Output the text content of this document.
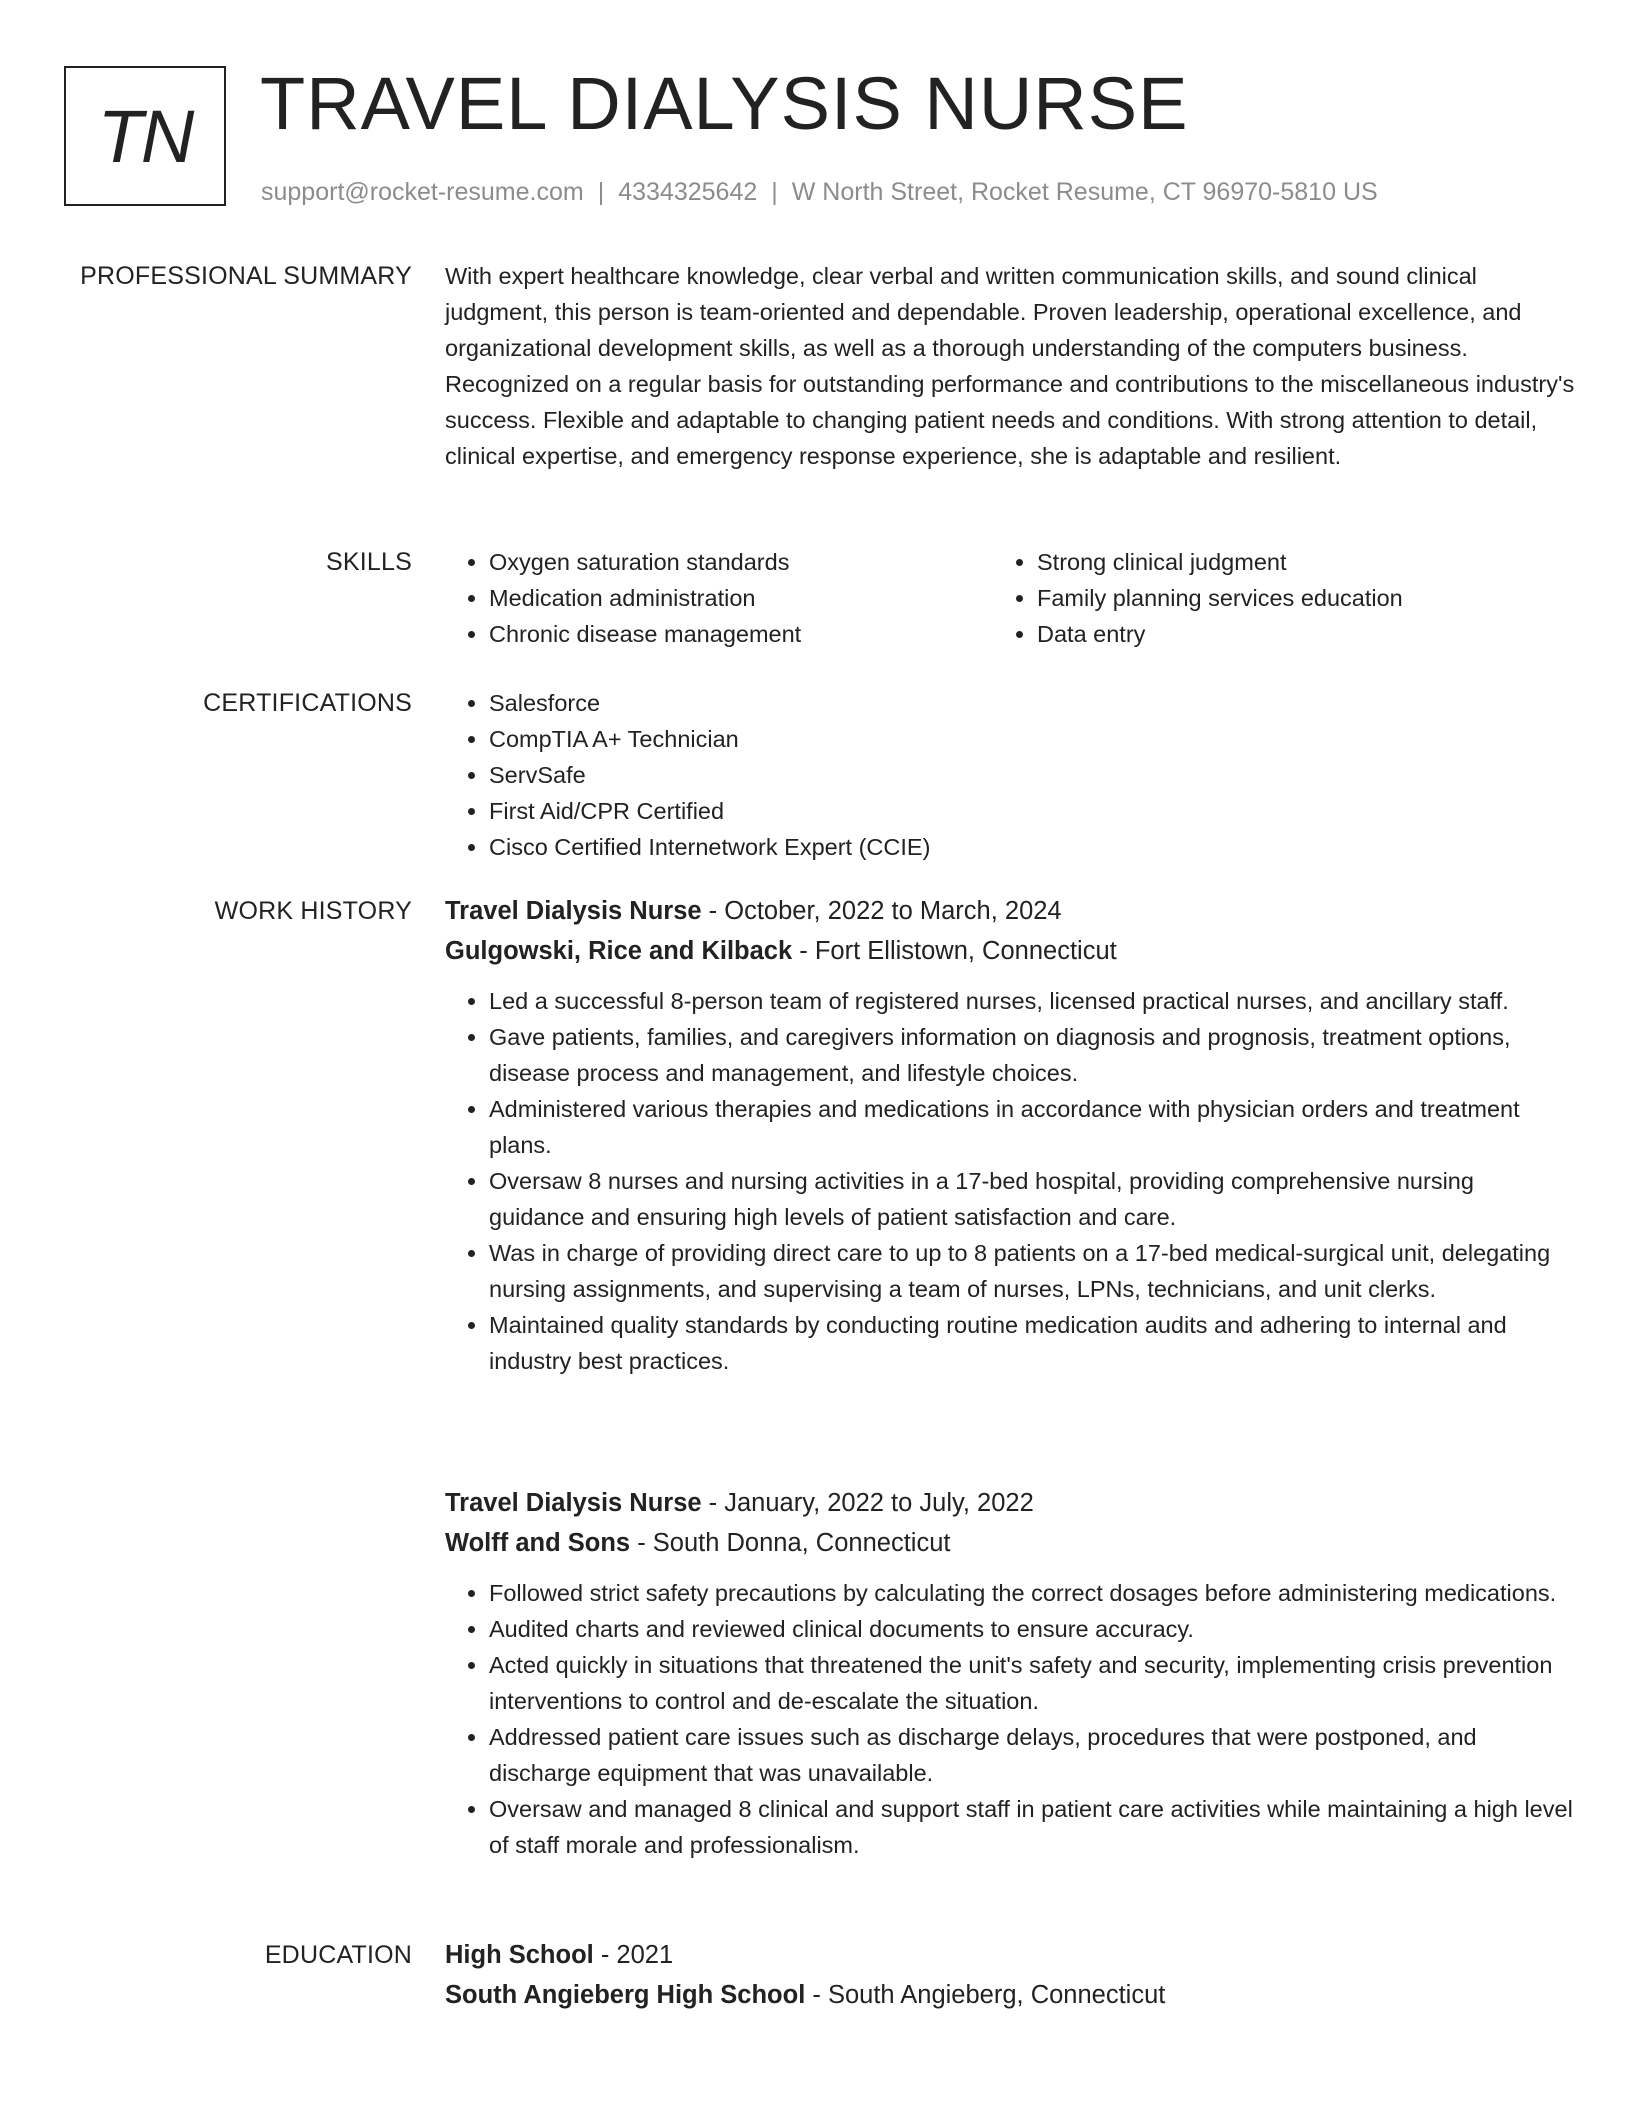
TN TRAVEL DIALYSIS NURSE
support@rocket-resume.com | 4334325642 | W North Street, Rocket Resume, CT 96970-5810 US
PROFESSIONAL SUMMARY With expert healthcare knowledge, clear verbal and written communication skills, and sound clinical judgment, this person is team-oriented and dependable. Proven leadership, operational excellence, and organizational development skills, as well as a thorough understanding of the computers business. Recognized on a regular basis for outstanding performance and contributions to the miscellaneous industry's success. Flexible and adaptable to changing patient needs and conditions. With strong attention to detail, clinical expertise, and emergency response experience, she is adaptable and resilient.

SKILLS	• Oxygen saturation standards
• Medication administration
• Chronic disease management
• Strong clinical judgment
• Family planning services education
• Data entry
CERTIFICATIONS	• Salesforce
• CompTIA A+ Technician
• ServSafe
• First Aid/CPR Certified
• Cisco Certified Internetwork Expert (CCIE)
WORK HISTORY Travel Dialysis Nurse - October, 2022 to March, 2024
Gulgowski, Rice and Kilback - Fort Ellistown, Connecticut
• Led a successful 8-person team of registered nurses, licensed practical nurses, and ancillary staff.
• Gave patients, families, and caregivers information on diagnosis and prognosis, treatment options, disease process and management, and lifestyle choices.
• Administered various therapies and medications in accordance with physician orders and treatment plans.
• Oversaw 8 nurses and nursing activities in a 17-bed hospital, providing comprehensive nursing guidance and ensuring high levels of patient satisfaction and care.
• Was in charge of providing direct care to up to 8 patients on a 17-bed medical-surgical unit, delegating nursing assignments, and supervising a team of nurses, LPNs, technicians, and unit clerks.
• Maintained quality standards by conducting routine medication audits and adhering to internal and industry best practices.
Travel Dialysis Nurse - January, 2022 to July, 2022
Wolff and Sons - South Donna, Connecticut
• Followed strict safety precautions by calculating the correct dosages before administering medications.
• Audited charts and reviewed clinical documents to ensure accuracy.
• Acted quickly in situations that threatened the unit's safety and security, implementing crisis prevention interventions to control and de-escalate the situation.
• Addressed patient care issues such as discharge delays, procedures that were postponed, and discharge equipment that was unavailable.
• Oversaw and managed 8 clinical and support staff in patient care activities while maintaining a high level of staff morale and professionalism.
EDUCATION High School - 2021
South Angieberg High School - South Angieberg, Connecticut
